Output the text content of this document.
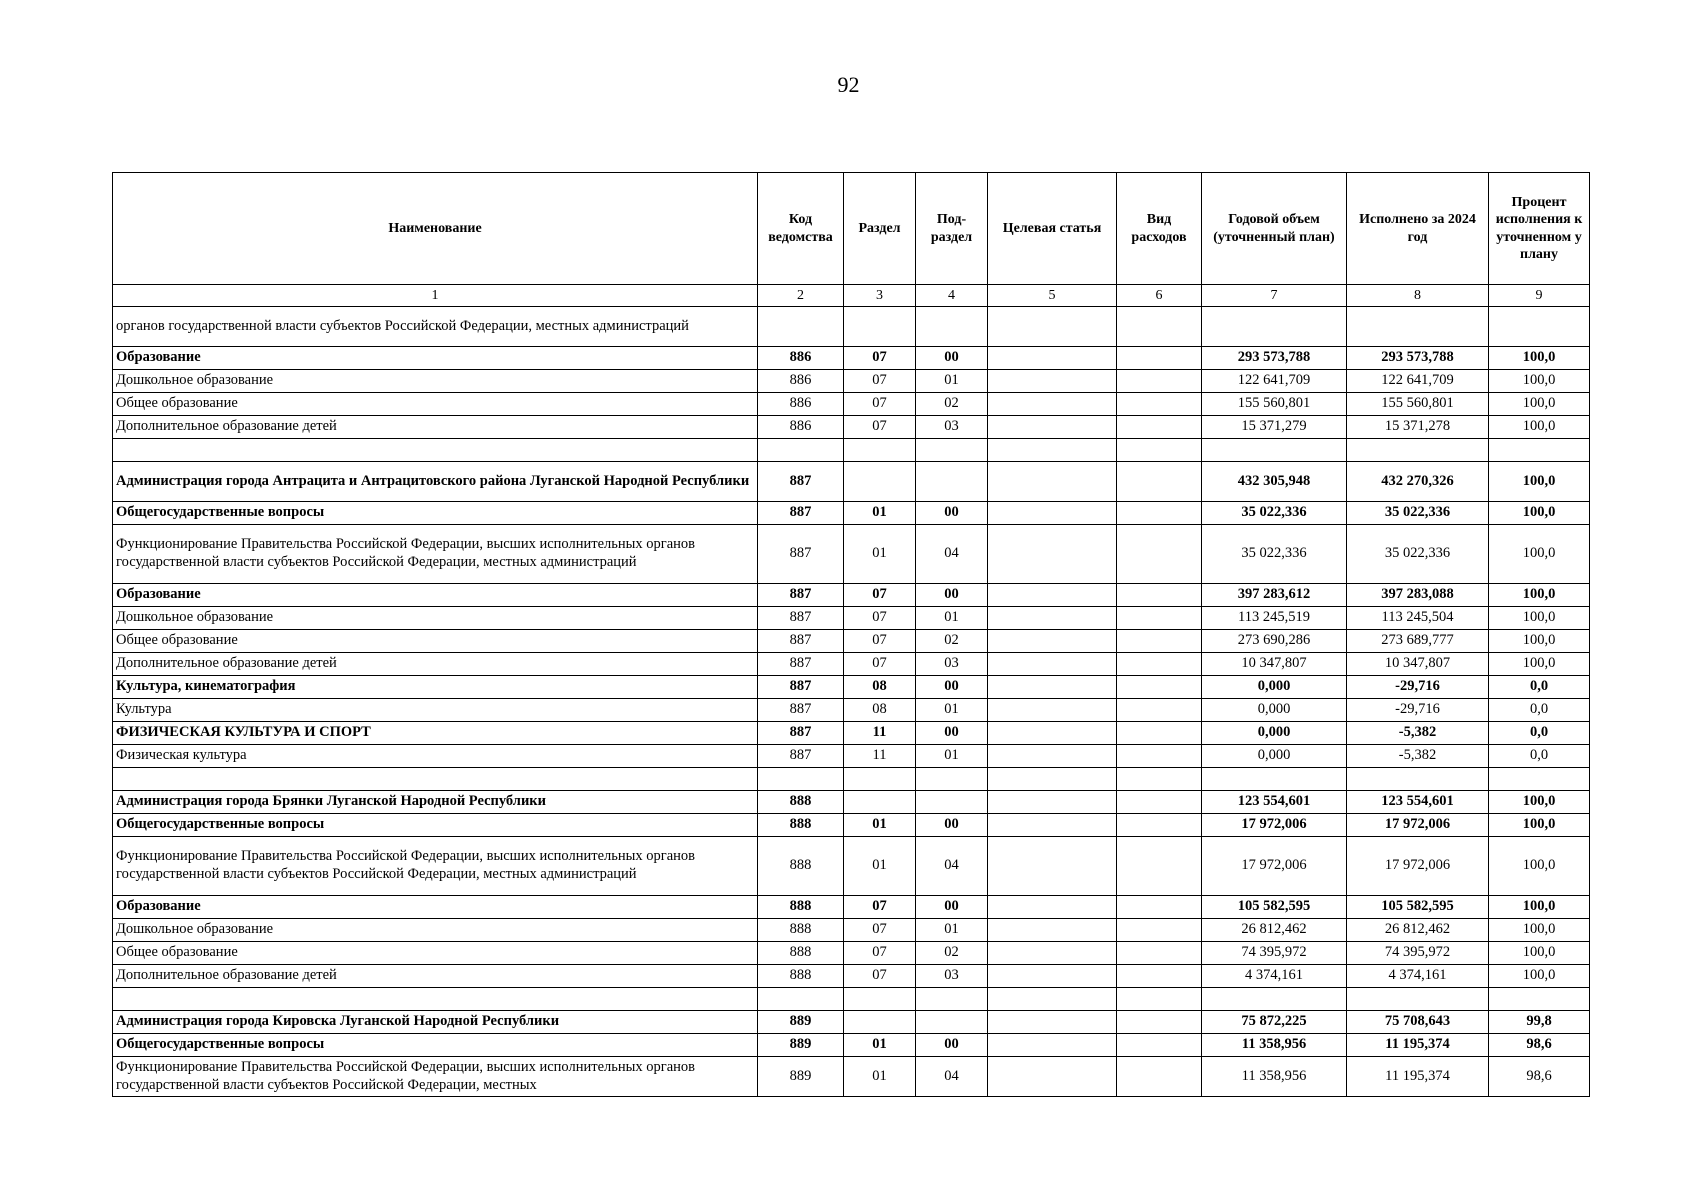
92
Наименование	Код ведомства	Раздел	Под-раздел	Целевая статья	Вид расходов	Годовой объем (уточненный план)	Исполнено за 2024 год	Процент исполнения к уточненном у плану
1	2	3	4	5	6	7	8	9
органов государственной власти субъектов Российской Федерации, местных администраций								
Образование	886	07	00			293 573,788	293 573,788	100,0
Дошкольное образование	886	07	01			122 641,709	122 641,709	100,0
Общее образование	886	07	02			155 560,801	155 560,801	100,0
Дополнительное образование детей	886	07	03			15 371,279	15 371,278	100,0

Администрация города Антрацита и Антрацитовского района Луганской Народной Республики	887					432 305,948	432 270,326	100,0
Общегосударственные вопросы	887	01	00			35 022,336	35 022,336	100,0
Функционирование Правительства Российской Федерации, высших исполнительных органов государственной власти субъектов Российской Федерации, местных администраций	887	01	04			35 022,336	35 022,336	100,0
Образование	887	07	00			397 283,612	397 283,088	100,0
Дошкольное образование	887	07	01			113 245,519	113 245,504	100,0
Общее образование	887	07	02			273 690,286	273 689,777	100,0
Дополнительное образование детей	887	07	03			10 347,807	10 347,807	100,0
Культура, кинематография	887	08	00			0,000	-29,716	0,0
Культура	887	08	01			0,000	-29,716	0,0
ФИЗИЧЕСКАЯ КУЛЬТУРА И СПОРТ	887	11	00			0,000	-5,382	0,0
Физическая культура	887	11	01			0,000	-5,382	0,0

Администрация города Брянки Луганской Народной Республики	888					123 554,601	123 554,601	100,0
Общегосударственные вопросы	888	01	00			17 972,006	17 972,006	100,0
Функционирование Правительства Российской Федерации, высших исполнительных органов государственной власти субъектов Российской Федерации, местных администраций	888	01	04			17 972,006	17 972,006	100,0
Образование	888	07	00			105 582,595	105 582,595	100,0
Дошкольное образование	888	07	01			26 812,462	26 812,462	100,0
Общее образование	888	07	02			74 395,972	74 395,972	100,0
Дополнительное образование детей	888	07	03			4 374,161	4 374,161	100,0

Администрация города Кировска Луганской Народной Республики	889					75 872,225	75 708,643	99,8
Общегосударственные вопросы	889	01	00			11 358,956	11 195,374	98,6
Функционирование Правительства Российской Федерации, высших исполнительных органов государственной власти субъектов Российской Федерации, местных	889	01	04			11 358,956	11 195,374	98,6
